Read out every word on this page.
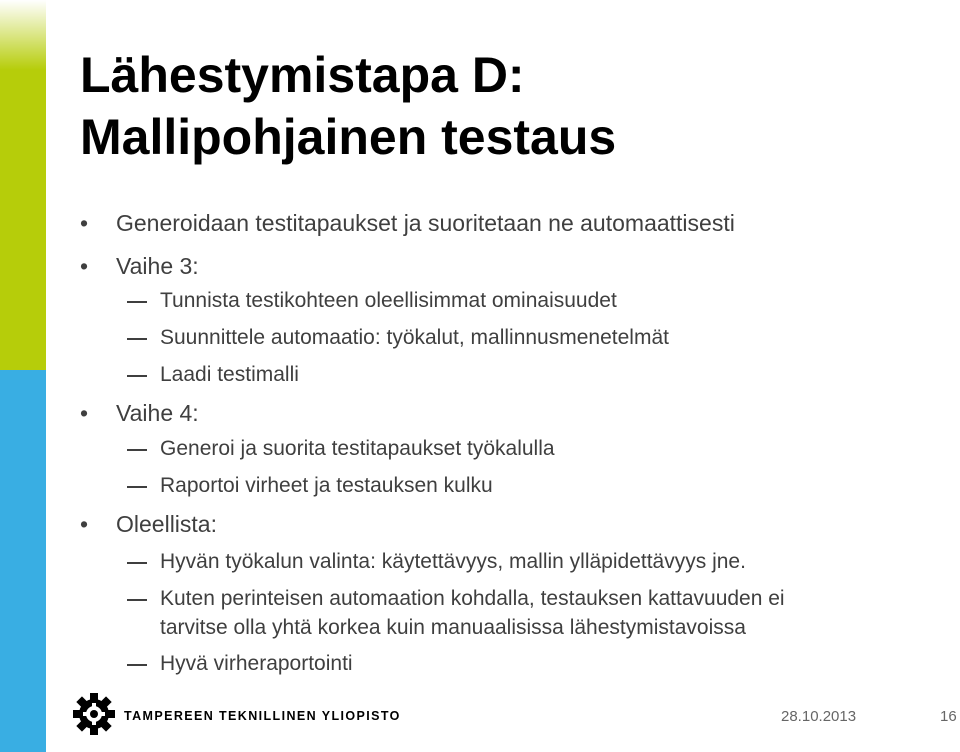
Lähestymistapa D:
Mallipohjainen testaus
• Generoidaan testitapaukset ja suoritetaan ne automaattisesti
• Vaihe 3:
Tunnista testikohteen oleellisimmat ominaisuudet
Suunnittele automaatio: työkalut, mallinnusmenetelmät
Laadi testimalli
• Vaihe 4:
Generoi ja suorita testitapaukset työkalulla
Raportoi virheet ja testauksen kulku
• Oleellista:
Hyvän työkalun valinta: käytettävyys, mallin ylläpidettävyys jne.
Kuten perinteisen automaation kohdalla, testauksen kattavuuden ei
tarvitse olla yhtä korkea kuin manuaalisissa lähestymistavoissa
Hyvä virheraportointi
TAMPEREEN TEKNILLINEN YLIOPISTO	28.10.2013	16
